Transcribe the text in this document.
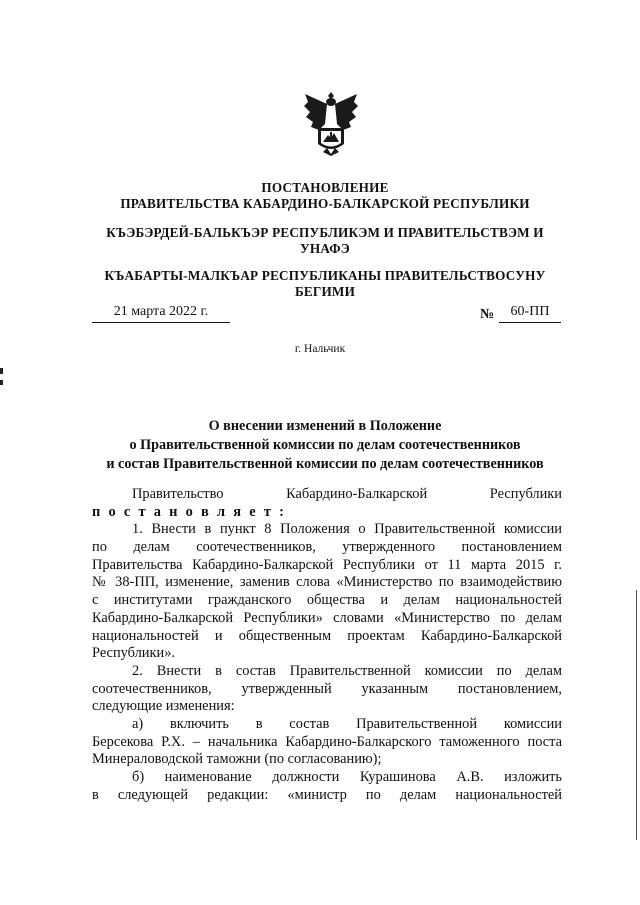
ПОСТАНОВЛЕНИЕ
ПРАВИТЕЛЬСТВА КАБАРДИНО-БАЛКАРСКОЙ РЕСПУБЛИКИ
КЪЭБЭРДЕЙ-БАЛЬКЪЭР РЕСПУБЛИКЭМ И ПРАВИТЕЛЬСТВЭМ И
УНАФЭ
КЪАБАРТЫ-МАЛКЪАР РЕСПУБЛИКАНЫ ПРАВИТЕЛЬСТВОСУНУ
БЕГИМИ
21 марта 2022 г.	№	60-ПП
г. Нальчик
О внесении изменений в Положение
о Правительственной комиссии по делам соотечественников
и состав Правительственной комиссии по делам соотечественников
Правительство Кабардино-Балкарской Республики
п о с т а н о в л я е т :
1. Внести в пункт 8 Положения о Правительственной комиссии
по делам соотечественников, утвержденного постановлением
Правительства Кабардино-Балкарской Республики от 11 марта 2015 г.
№ 38-ПП, изменение, заменив слова «Министерство по взаимодействию
с институтами гражданского общества и делам национальностей
Кабардино-Балкарской Республики» словами «Министерство по делам
национальностей и общественным проектам Кабардино-Балкарской
Республики».
2. Внести в состав Правительственной комиссии по делам
соотечественников, утвержденный указанным постановлением,
следующие изменения:
а) включить в состав Правительственной комиссии
Берсекова Р.Х. – начальника Кабардино-Балкарского таможенного поста
Минераловодской таможни (по согласованию);
б) наименование должности Курашинова А.В. изложить
в следующей редакции: «министр по делам национальностей
